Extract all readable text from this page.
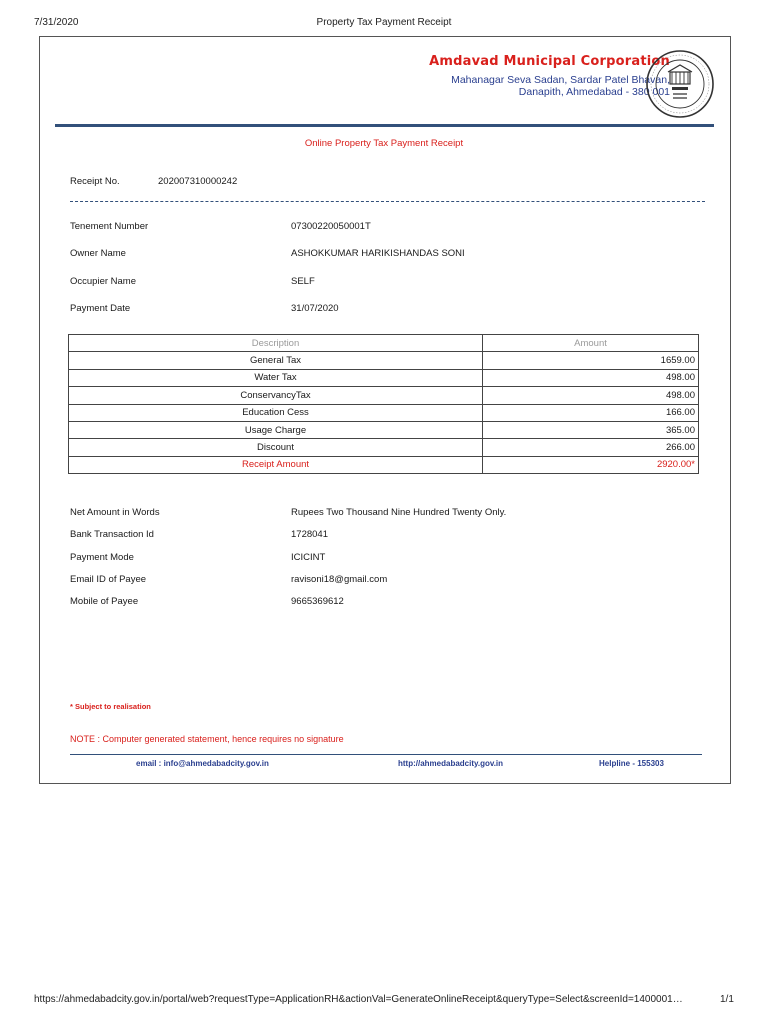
7/31/2020	Property Tax Payment Receipt
Amdavad Municipal Corporation
Mahanagar Seva Sadan, Sardar Patel Bhavan,
Danapith, Ahmedabad - 380 001
Online Property Tax Payment Receipt
Receipt No.	202007310000242
Tenement Number	07300220050001T
Owner Name	ASHOKKUMAR HARIKISHANDAS SONI
Occupier Name	SELF
Payment Date	31/07/2020
Description	Amount
General Tax	1659.00
Water Tax	498.00
ConservancyTax	498.00
Education Cess	166.00
Usage Charge	365.00
Discount	266.00
Receipt Amount	2920.00*
Net Amount in Words	Rupees Two Thousand Nine Hundred Twenty Only.
Bank Transaction Id	1728041
Payment Mode	ICICINT
Email ID of Payee	ravisoni18@gmail.com
Mobile of Payee	9665369612
* Subject to realisation
NOTE : Computer generated statement, hence requires no signature
email : info@ahmedabadcity.gov.in	http://ahmedabadcity.gov.in	Helpline - 155303
https://ahmedabadcity.gov.in/portal/web?requestType=ApplicationRH&actionVal=GenerateOnlineReceipt&queryType=Select&screenId=1400001…	1/1
